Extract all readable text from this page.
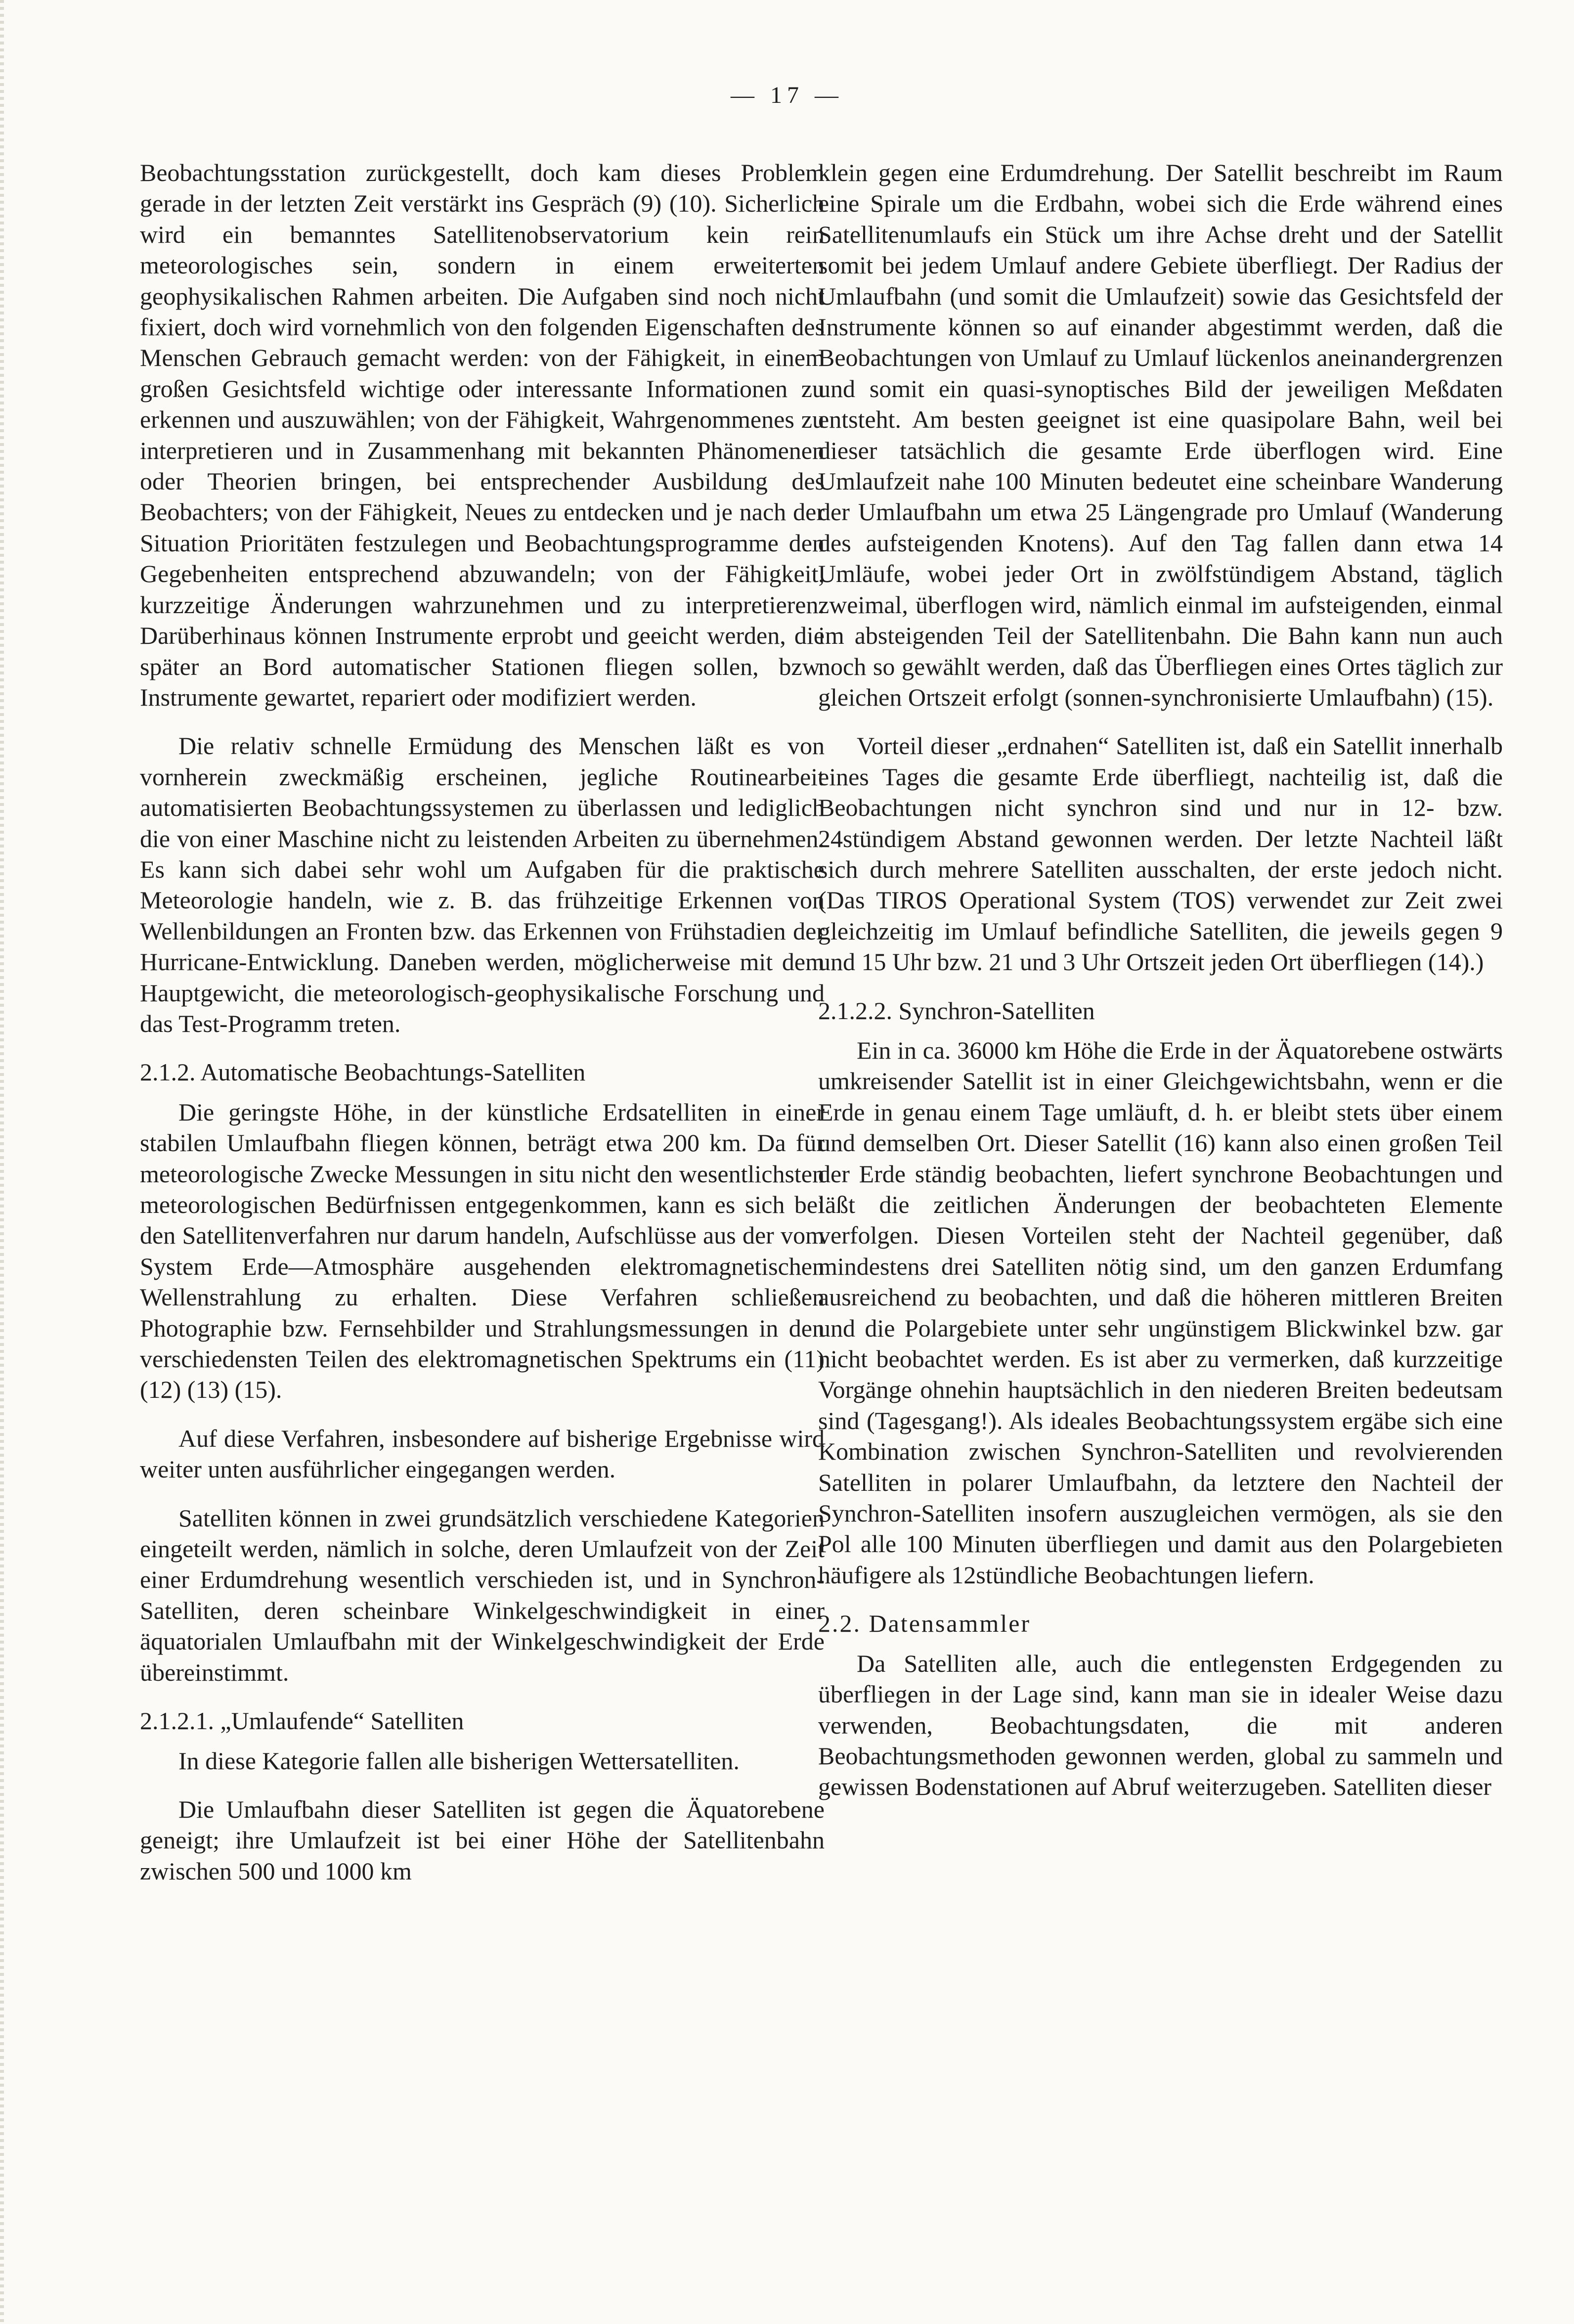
— 17 —

Beobachtungsstation zurückgestellt, doch kam dieses Problem gerade in der letzten Zeit verstärkt ins Gespräch (9) (10). Sicherlich wird ein bemanntes Satellitenobservatorium kein rein meteorologisches sein, sondern in einem erweiterten geophysikalischen Rahmen arbeiten. Die Aufgaben sind noch nicht fixiert, doch wird vornehmlich von den folgenden Eigenschaften des Menschen Gebrauch gemacht werden: von der Fähigkeit, in einem großen Gesichtsfeld wichtige oder interessante Informationen zu erkennen und auszuwählen; von der Fähigkeit, Wahrgenommenes zu interpretieren und in Zusammenhang mit bekannten Phänomenen oder Theorien bringen, bei entsprechender Ausbildung des Beobachters; von der Fähigkeit, Neues zu entdecken und je nach der Situation Prioritäten festzulegen und Beobachtungsprogramme den Gegebenheiten entsprechend abzuwandeln; von der Fähigkeit, kurzzeitige Änderungen wahrzunehmen und zu interpretieren. Darüberhinaus können Instrumente erprobt und geeicht werden, die später an Bord automatischer Stationen fliegen sollen, bzw. Instrumente gewartet, repariert oder modifiziert werden.

Die relativ schnelle Ermüdung des Menschen läßt es von vornherein zweckmäßig erscheinen, jegliche Routinearbeit automatisierten Beobachtungssystemen zu überlassen und lediglich die von einer Maschine nicht zu leistenden Arbeiten zu übernehmen. Es kann sich dabei sehr wohl um Aufgaben für die praktische Meteorologie handeln, wie z. B. das frühzeitige Erkennen von Wellenbildungen an Fronten bzw. das Erkennen von Frühstadien der Hurricane-Entwicklung. Daneben werden, möglicherweise mit dem Hauptgewicht, die meteorologisch-geophysikalische Forschung und das Test-Programm treten.

2.1.2. Automatische Beobachtungs-Satelliten

Die geringste Höhe, in der künstliche Erdsatelliten in einer stabilen Umlaufbahn fliegen können, beträgt etwa 200 km. Da für meteorologische Zwecke Messungen in situ nicht den wesentlichsten meteorologischen Bedürfnissen entgegenkommen, kann es sich bei den Satellitenverfahren nur darum handeln, Aufschlüsse aus der vom System Erde—Atmosphäre ausgehenden elektromagnetischen Wellenstrahlung zu erhalten. Diese Verfahren schließen Photographie bzw. Fernsehbilder und Strahlungsmessungen in den verschiedensten Teilen des elektromagnetischen Spektrums ein (11) (12) (13) (15).

Auf diese Verfahren, insbesondere auf bisherige Ergebnisse wird weiter unten ausführlicher eingegangen werden.

Satelliten können in zwei grundsätzlich verschiedene Kategorien eingeteilt werden, nämlich in solche, deren Umlaufzeit von der Zeit einer Erdumdrehung wesentlich verschieden ist, und in Synchron-Satelliten, deren scheinbare Winkelgeschwindigkeit in einer äquatorialen Umlaufbahn mit der Winkelgeschwindigkeit der Erde übereinstimmt.

2.1.2.1. „Umlaufende“ Satelliten

In diese Kategorie fallen alle bisherigen Wettersatelliten.

Die Umlaufbahn dieser Satelliten ist gegen die Äquatorebene geneigt; ihre Umlaufzeit ist bei einer Höhe der Satellitenbahn zwischen 500 und 1000 km

klein gegen eine Erdumdrehung. Der Satellit beschreibt im Raum eine Spirale um die Erdbahn, wobei sich die Erde während eines Satellitenumlaufs ein Stück um ihre Achse dreht und der Satellit somit bei jedem Umlauf andere Gebiete überfliegt. Der Radius der Umlaufbahn (und somit die Umlaufzeit) sowie das Gesichtsfeld der Instrumente können so auf einander abgestimmt werden, daß die Beobachtungen von Umlauf zu Umlauf lückenlos aneinandergrenzen und somit ein quasi-synoptisches Bild der jeweiligen Meßdaten entsteht. Am besten geeignet ist eine quasipolare Bahn, weil bei dieser tatsächlich die gesamte Erde überflogen wird. Eine Umlaufzeit nahe 100 Minuten bedeutet eine scheinbare Wanderung der Umlaufbahn um etwa 25 Längengrade pro Umlauf (Wanderung des aufsteigenden Knotens). Auf den Tag fallen dann etwa 14 Umläufe, wobei jeder Ort in zwölfstündigem Abstand, täglich zweimal, überflogen wird, nämlich einmal im aufsteigenden, einmal im absteigenden Teil der Satellitenbahn. Die Bahn kann nun auch noch so gewählt werden, daß das Überfliegen eines Ortes täglich zur gleichen Ortszeit erfolgt (sonnen-synchronisierte Umlaufbahn) (15).

Vorteil dieser „erdnahen“ Satelliten ist, daß ein Satellit innerhalb eines Tages die gesamte Erde überfliegt, nachteilig ist, daß die Beobachtungen nicht synchron sind und nur in 12- bzw. 24stündigem Abstand gewonnen werden. Der letzte Nachteil läßt sich durch mehrere Satelliten ausschalten, der erste jedoch nicht. (Das TIROS Operational System (TOS) verwendet zur Zeit zwei gleichzeitig im Umlauf befindliche Satelliten, die jeweils gegen 9 und 15 Uhr bzw. 21 und 3 Uhr Ortszeit jeden Ort überfliegen (14).)

2.1.2.2. Synchron-Satelliten

Ein in ca. 36000 km Höhe die Erde in der Äquatorebene ostwärts umkreisender Satellit ist in einer Gleichgewichtsbahn, wenn er die Erde in genau einem Tage umläuft, d. h. er bleibt stets über einem und demselben Ort. Dieser Satellit (16) kann also einen großen Teil der Erde ständig beobachten, liefert synchrone Beobachtungen und läßt die zeitlichen Änderungen der beobachteten Elemente verfolgen. Diesen Vorteilen steht der Nachteil gegenüber, daß mindestens drei Satelliten nötig sind, um den ganzen Erdumfang ausreichend zu beobachten, und daß die höheren mittleren Breiten und die Polargebiete unter sehr ungünstigem Blickwinkel bzw. gar nicht beobachtet werden. Es ist aber zu vermerken, daß kurzzeitige Vorgänge ohnehin hauptsächlich in den niederen Breiten bedeutsam sind (Tagesgang!). Als ideales Beobachtungssystem ergäbe sich eine Kombination zwischen Synchron-Satelliten und revolvierenden Satelliten in polarer Umlaufbahn, da letztere den Nachteil der Synchron-Satelliten insofern auszugleichen vermögen, als sie den Pol alle 100 Minuten überfliegen und damit aus den Polargebieten häufigere als 12stündliche Beobachtungen liefern.

2.2. Datensammler

Da Satelliten alle, auch die entlegensten Erdgegenden zu überfliegen in der Lage sind, kann man sie in idealer Weise dazu verwenden, Beobachtungsdaten, die mit anderen Beobachtungsmethoden gewonnen werden, global zu sammeln und gewissen Bodenstationen auf Abruf weiterzugeben. Satelliten dieser
